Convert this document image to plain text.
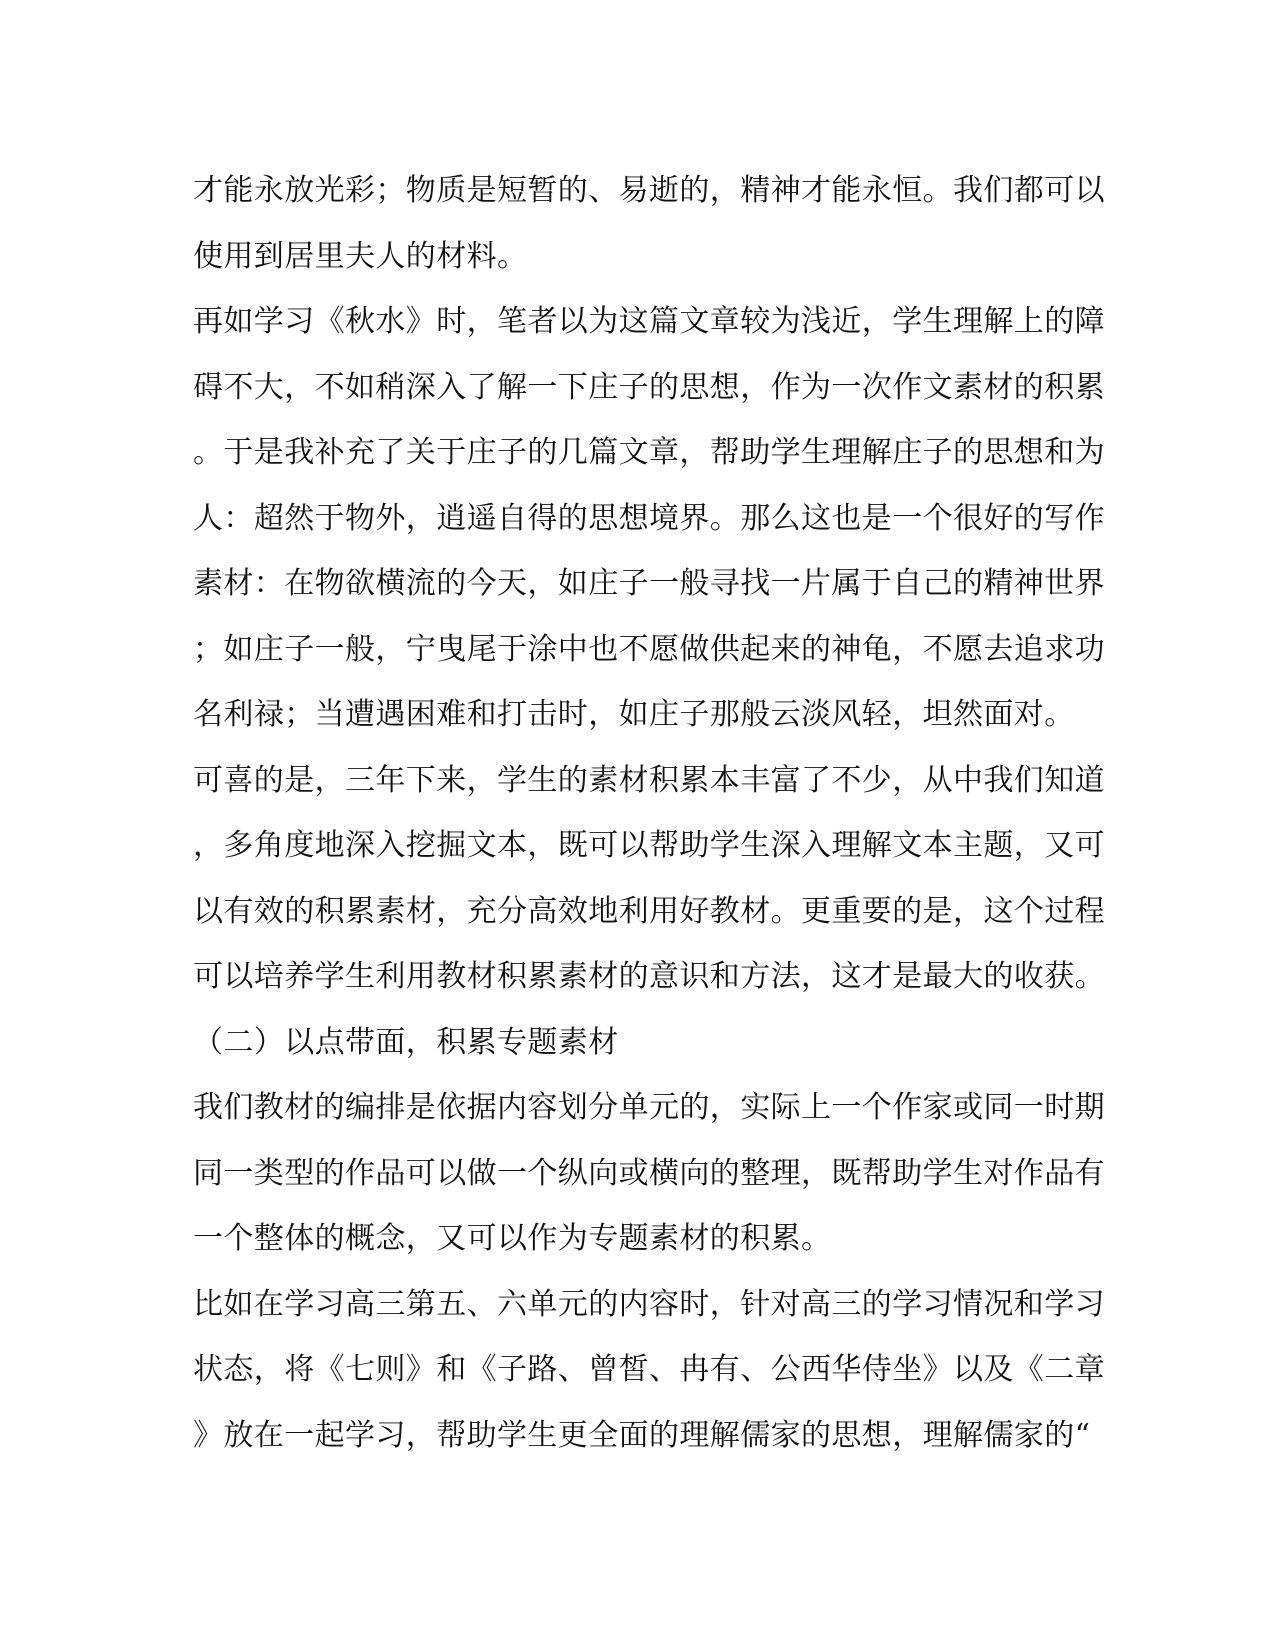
才能永放光彩；物质是短暂的、易逝的，精神才能永恒。我们都可以
使用到居里夫人的材料。
再如学习《秋水》时，笔者以为这篇文章较为浅近，学生理解上的障
碍不大，不如稍深入了解一下庄子的思想，作为一次作文素材的积累
。于是我补充了关于庄子的几篇文章，帮助学生理解庄子的思想和为
人：超然于物外，逍遥自得的思想境界。那么这也是一个很好的写作
素材：在物欲横流的今天，如庄子一般寻找一片属于自己的精神世界
；如庄子一般，宁曳尾于涂中也不愿做供起来的神龟，不愿去追求功
名利禄；当遭遇困难和打击时，如庄子那般云淡风轻，坦然面对。
可喜的是，三年下来，学生的素材积累本丰富了不少，从中我们知道
，多角度地深入挖掘文本，既可以帮助学生深入理解文本主题，又可
以有效的积累素材，充分高效地利用好教材。更重要的是，这个过程
可以培养学生利用教材积累素材的意识和方法，这才是最大的收获。
（二）以点带面，积累专题素材
我们教材的编排是依据内容划分单元的，实际上一个作家或同一时期
同一类型的作品可以做一个纵向或横向的整理，既帮助学生对作品有
一个整体的概念，又可以作为专题素材的积累。
比如在学习高三第五、六单元的内容时，针对高三的学习情况和学习
状态，将《七则》和《子路、曾皙、冉有、公西华侍坐》以及《二章
》放在一起学习，帮助学生更全面的理解儒家的思想，理解儒家的“
